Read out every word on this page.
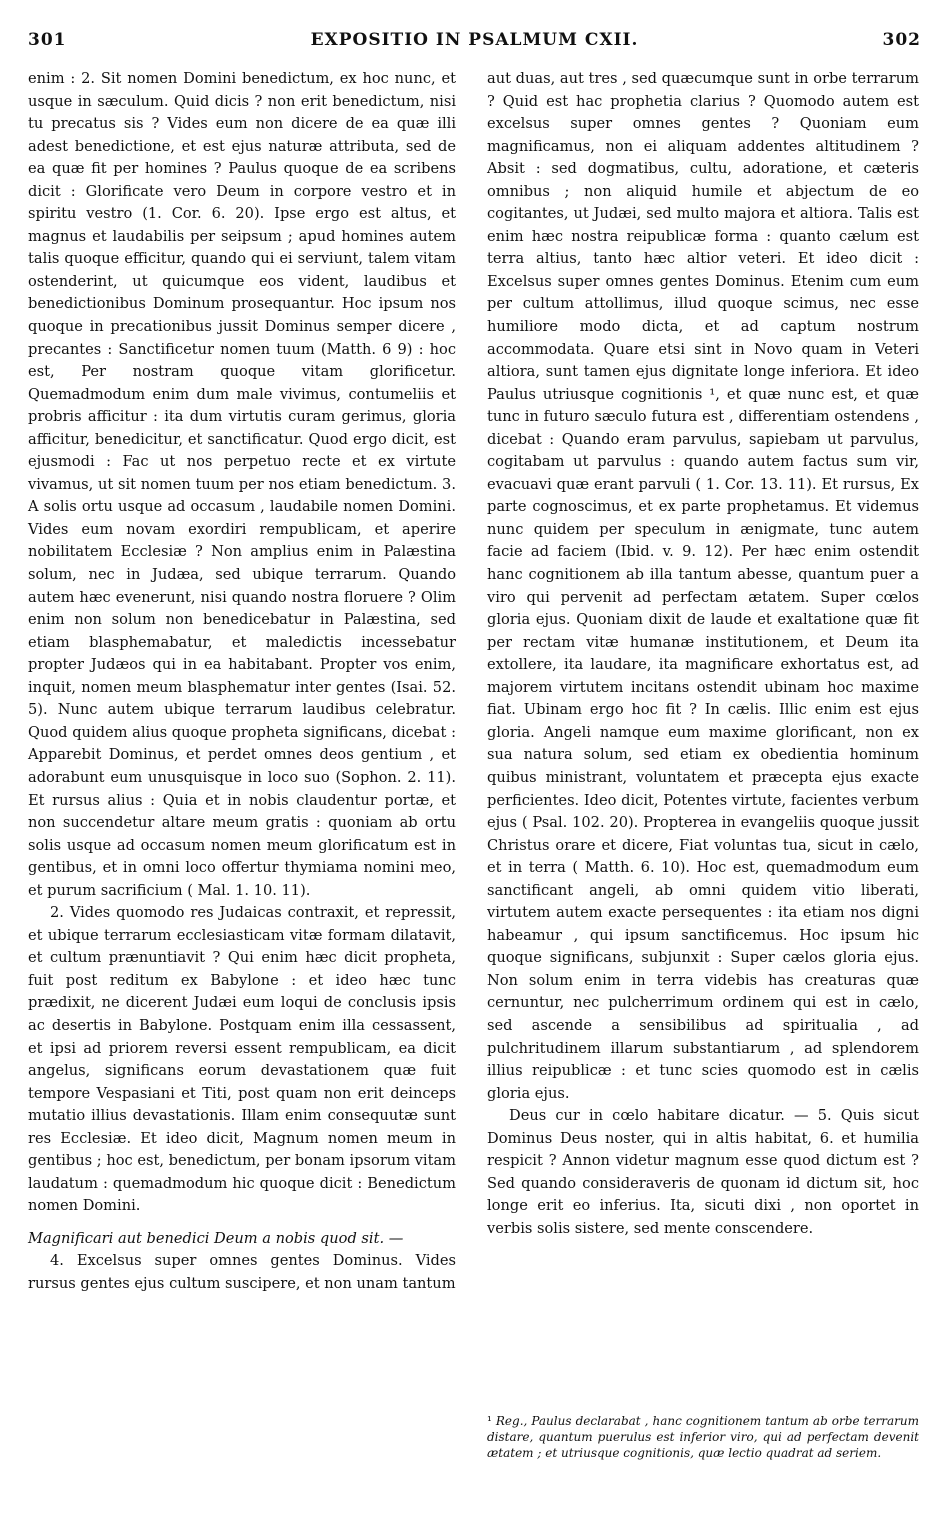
301	EXPOSITIO IN PSALMUM CXII.	302

enim : 2. Sit nomen Domini benedictum, ex hoc nunc, et usque in sæculum. Quid dicis ? non erit benedictum, nisi tu precatus sis ? Vides eum non dicere de ea quæ illi adest benedictione, et est ejus naturæ attributa, sed de ea quæ fit per homines ? Paulus quoque de ea scribens dicit : Glorificate vero Deum in corpore vestro et in spiritu vestro (1. Cor. 6. 20). Ipse ergo est altus, et magnus et laudabilis per seipsum ; apud homines autem talis quoque efficitur, quando qui ei serviunt, talem vitam ostenderint, ut quicumque eos vident, laudibus et benedictionibus Dominum prosequantur. Hoc ipsum nos quoque in precationibus jussit Dominus semper dicere , precantes : Sanctificetur nomen tuum (Matth. 6 9) : hoc est, Per nostram quoque vitam glorificetur. Quemadmodum enim dum male vivimus, contumeliis et probris afficitur : ita dum virtutis curam gerimus, gloria afficitur, benedicitur, et sanctificatur. Quod ergo dicit, est ejusmodi : Fac ut nos perpetuo recte et ex virtute vivamus, ut sit nomen tuum per nos etiam benedictum. 3. A solis ortu usque ad occasum , laudabile nomen Domini. Vides eum novam exordiri rempublicam, et aperire nobilitatem Ecclesiæ ? Non amplius enim in Palæstina solum, nec in Judæa, sed ubique terrarum. Quando autem hæc evenerunt, nisi quando nostra floruere ? Olim enim non solum non benedicebatur in Palæstina, sed etiam blasphemabatur, et maledictis incessebatur propter Judæos qui in ea habitabant. Propter vos enim, inquit, nomen meum blasphematur inter gentes (Isai. 52. 5). Nunc autem ubique terrarum laudibus celebratur. Quod quidem alius quoque propheta significans, dicebat : Apparebit Dominus, et perdet omnes deos gentium , et adorabunt eum unusquisque in loco suo (Sophon. 2. 11). Et rursus alius : Quia et in nobis claudentur portæ, et non succendetur altare meum gratis : quoniam ab ortu solis usque ad occasum nomen meum glorificatum est in gentibus, et in omni loco offertur thymiama nomini meo, et purum sacrificium ( Mal. 1. 10. 11).

2. Vides quomodo res Judaicas contraxit, et repressit, et ubique terrarum ecclesiasticam vitæ formam dilatavit, et cultum prænuntiavit ? Qui enim hæc dicit propheta, fuit post reditum ex Babylone : et ideo hæc tunc prædixit, ne dicerent Judæi eum loqui de conclusis ipsis ac desertis in Babylone. Postquam enim illa cessassent, et ipsi ad priorem reversi essent rempublicam, ea dicit angelus, significans eorum devastationem quæ fuit tempore Vespasiani et Titi, post quam non erit deinceps mutatio illius devastationis. Illam enim consequutæ sunt res Ecclesiæ. Et ideo dicit, Magnum nomen meum in gentibus ; hoc est, benedictum, per bonam ipsorum vitam laudatum : quemadmodum hic quoque dicit : Benedictum nomen Domini.

Magnificari aut benedici Deum a nobis quod sit. —

4. Excelsus super omnes gentes Dominus. Vides rursus gentes ejus cultum suscipere, et non unam tantum

aut duas, aut tres , sed quæcumque sunt in orbe terrarum ? Quid est hac prophetia clarius ? Quomodo autem est excelsus super omnes gentes ? Quoniam eum magnificamus, non ei aliquam addentes altitudinem ? Absit : sed dogmatibus, cultu, adoratione, et cæteris omnibus ; non aliquid humile et abjectum de eo cogitantes, ut Judæi, sed multo majora et altiora. Talis est enim hæc nostra reipublicæ forma : quanto cælum est terra altius, tanto hæc altior veteri. Et ideo dicit : Excelsus super omnes gentes Dominus. Etenim cum eum per cultum attollimus, illud quoque scimus, nec esse humiliore modo dicta, et ad captum nostrum accommodata. Quare etsi sint in Novo quam in Veteri altiora, sunt tamen ejus dignitate longe inferiora. Et ideo Paulus utriusque cognitionis ¹, et quæ nunc est, et quæ tunc in futuro sæculo futura est , differentiam ostendens , dicebat : Quando eram parvulus, sapiebam ut parvulus, cogitabam ut parvulus : quando autem factus sum vir, evacuavi quæ erant parvuli ( 1. Cor. 13. 11). Et rursus, Ex parte cognoscimus, et ex parte prophetamus. Et videmus nunc quidem per speculum in ænigmate, tunc autem facie ad faciem (Ibid. v. 9. 12). Per hæc enim ostendit hanc cognitionem ab illa tantum abesse, quantum puer a viro qui pervenit ad perfectam ætatem. Super cœlos gloria ejus. Quoniam dixit de laude et exaltatione quæ fit per rectam vitæ humanæ institutionem, et Deum ita extollere, ita laudare, ita magnificare exhortatus est, ad majorem virtutem incitans ostendit ubinam hoc maxime fiat. Ubinam ergo hoc fit ? In cælis. Illic enim est ejus gloria. Angeli namque eum maxime glorificant, non ex sua natura solum, sed etiam ex obedientia hominum quibus ministrant, voluntatem et præcepta ejus exacte perficientes. Ideo dicit, Potentes virtute, facientes verbum ejus ( Psal. 102. 20). Propterea in evangeliis quoque jussit Christus orare et dicere, Fiat voluntas tua, sicut in cælo, et in terra ( Matth. 6. 10). Hoc est, quemadmodum eum sanctificant angeli, ab omni quidem vitio liberati, virtutem autem exacte persequentes : ita etiam nos digni habeamur , qui ipsum sanctificemus. Hoc ipsum hic quoque significans, subjunxit : Super cælos gloria ejus. Non solum enim in terra videbis has creaturas quæ cernuntur, nec pulcherrimum ordinem qui est in cælo, sed ascende a sensibilibus ad spiritualia , ad pulchritudinem illarum substantiarum , ad splendorem illius reipublicæ : et tunc scies quomodo est in cælis gloria ejus.

Deus cur in cœlo habitare dicatur. — 5. Quis sicut Dominus Deus noster, qui in altis habitat, 6. et humilia respicit ? Annon videtur magnum esse quod dictum est ? Sed quando consideraveris de quonam id dictum sit, hoc longe erit eo inferius. Ita, sicuti dixi , non oportet in verbis solis sistere, sed mente conscendere.

¹ Reg., Paulus declarabat , hanc cognitionem tantum ab orbe terrarum distare, quantum puerulus est inferior viro, qui ad perfectam devenit ætatem ; et utriusque cognitionis, quæ lectio quadrat ad seriem.
